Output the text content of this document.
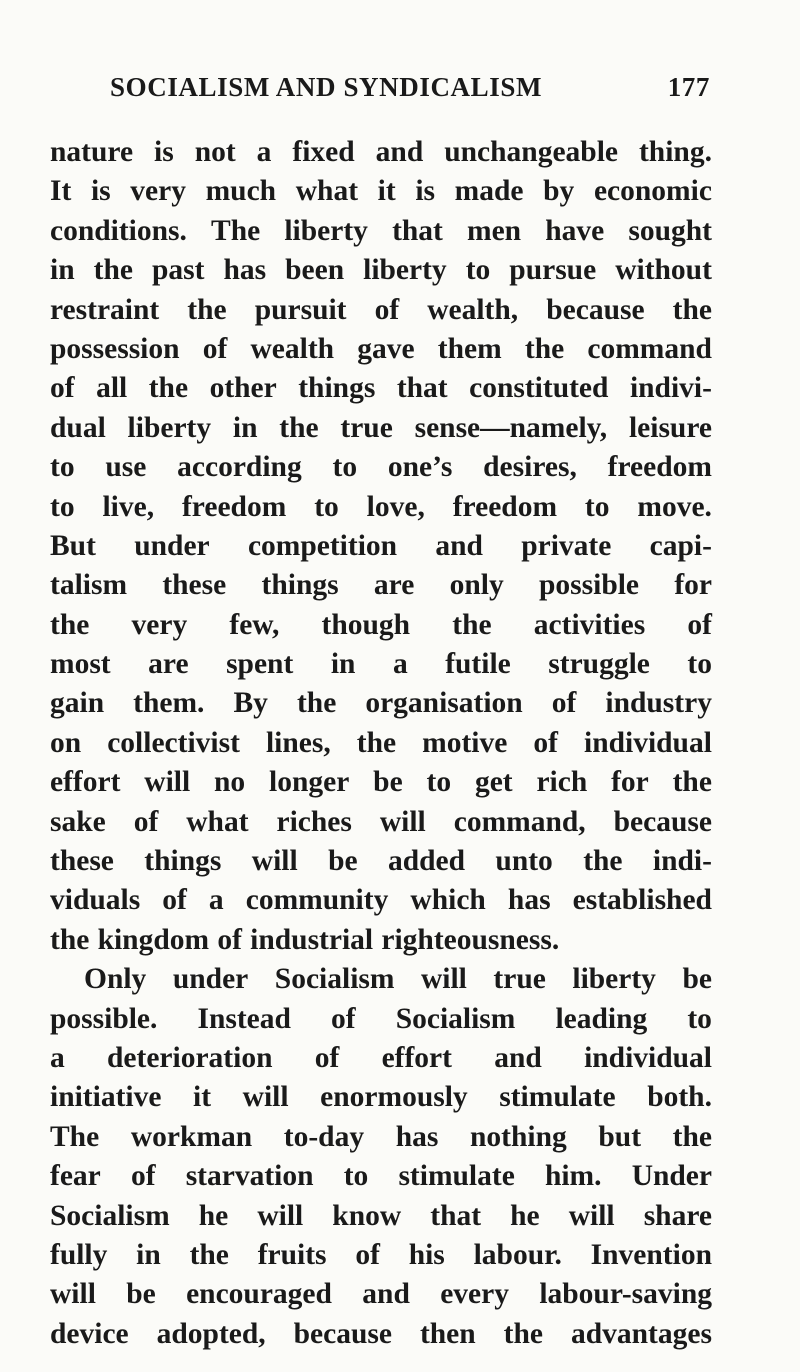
SOCIALISM AND SYNDICALISM	177
nature is not a fixed and unchangeable thing.
It is very much what it is made by economic
conditions. The liberty that men have sought
in the past has been liberty to pursue without
restraint the pursuit of wealth, because the
possession of wealth gave them the command
of all the other things that constituted indivi-
dual liberty in the true sense—namely, leisure
to use according to one’s desires, freedom
to live, freedom to love, freedom to move.
But under competition and private capi-
talism these things are only possible for
the very few, though the activities of
most are spent in a futile struggle to
gain them. By the organisation of industry
on collectivist lines, the motive of individual
effort will no longer be to get rich for the
sake of what riches will command, because
these things will be added unto the indi-
viduals of a community which has established
the kingdom of industrial righteousness.
Only under Socialism will true liberty be
possible. Instead of Socialism leading to
a deterioration of effort and individual
initiative it will enormously stimulate both.
The workman to-day has nothing but the
fear of starvation to stimulate him. Under
Socialism he will know that he will share
fully in the fruits of his labour. Invention
will be encouraged and every labour-saving
device adopted, because then the advantages
